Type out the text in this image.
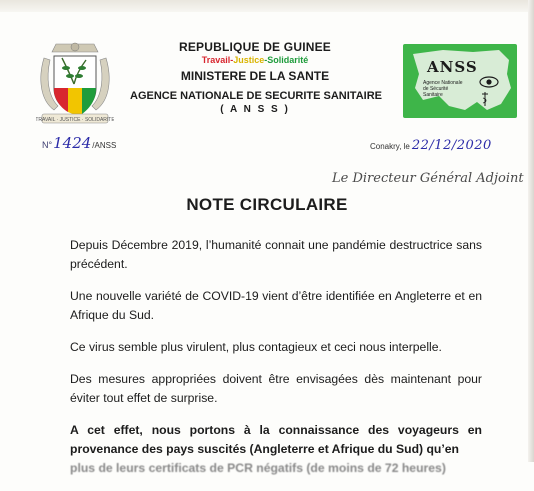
TRAVAIL · JUSTICE · SOLIDARITE
REPUBLIQUE DE GUINEE
Travail-Justice-Solidarité
MINISTERE DE LA SANTE
AGENCE NATIONALE DE SECURITE SANITAIRE
( A N S S )
ANSS
Agence Nationale de Sécurité Sanitaire
N° 1424 /ANSS	Conakry, le 22/12/2020
Le Directeur Général Adjoint
NOTE CIRCULAIRE

Depuis Décembre 2019, l’humanité connait une pandémie destructrice sans précédent.

Une nouvelle variété de COVID-19 vient d’être identifiée en Angleterre et en Afrique du Sud.

Ce virus semble plus virulent, plus contagieux et ceci nous interpelle.

Des mesures appropriées doivent être envisagées dès maintenant pour éviter tout effet de surprise.

A cet effet, nous portons à la connaissance des voyageurs en provenance des pays suscités (Angleterre et Afrique du Sud) qu’en

plus de leurs certificats de PCR négatifs (de moins de 72 heures)
